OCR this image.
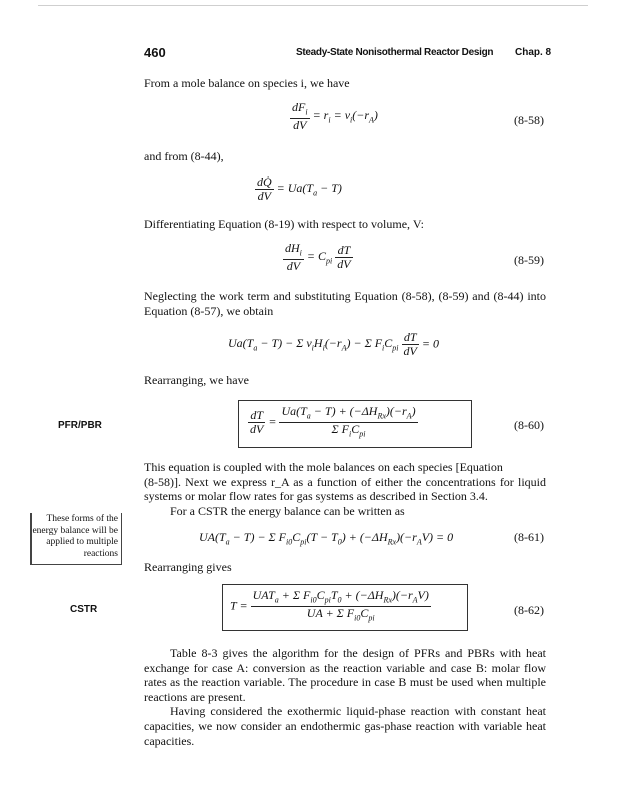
460	Steady-State Nonisothermal Reactor Design Chap. 8
From a mole balance on species i, we have
$\frac{dF_i}{dV} = r_i = \nu_i(-r_A)$	(8-58)
and from (8-44),
$\frac{dQ̇}{dV} = Ua(T_a - T)$
Differentiating Equation (8-19) with respect to volume, V:
$\frac{dH_i}{dV} = C_{pi} \frac{dT}{dV}$	(8-59)

Neglecting the work term and substituting Equation (8-58), (8-59) and (8-44) into Equation (8-57), we obtain

$Ua(T_a - T) - \Sigma$ $\nu_iH_i(-r_A) - \Sigma$ $F_iC_{pi} \frac{dT}{dV} = 0$
Rearranging, we have
PFR/PBR	$\frac{dT}{dV} = \frac{Ua(T_a - T) + (-\Delta H_{Rx})(-r_A)}{\Sigma F_iC_{pi}}$	(8-60)

This equation is coupled with the mole balances on each species [Equation

(8-58)]. Next we express r_A as a function of either the concentrations for liquid systems or molar flow rates for gas systems as described in Section 3.4.

For a CSTR the energy balance can be written as

These forms of the energy balance will be applied to multiple reactions
$UA(T_a - T) - \Sigma$ $F_{i0}C_{pi}(T - T_0) + (-\Delta H_{Rx})(-r_AV) = 0$	(8-61)
Rearranging gives
CSTR	$T = \frac{UAT_a + \Sigma F_{i0}C_{pi}T_0 + (-\Delta H_{Rx})(-r_AV)}{UA + \Sigma F_{i0}C_{pi}}$	(8-62)

Table 8-3 gives the algorithm for the design of PFRs and PBRs with heat exchange for case A: conversion as the reaction variable and case B: molar flow rates as the reaction variable. The procedure in case B must be used when multiple reactions are present.

Having considered the exothermic liquid-phase reaction with constant heat capacities, we now consider an endothermic gas-phase reaction with variable heat capacities.
